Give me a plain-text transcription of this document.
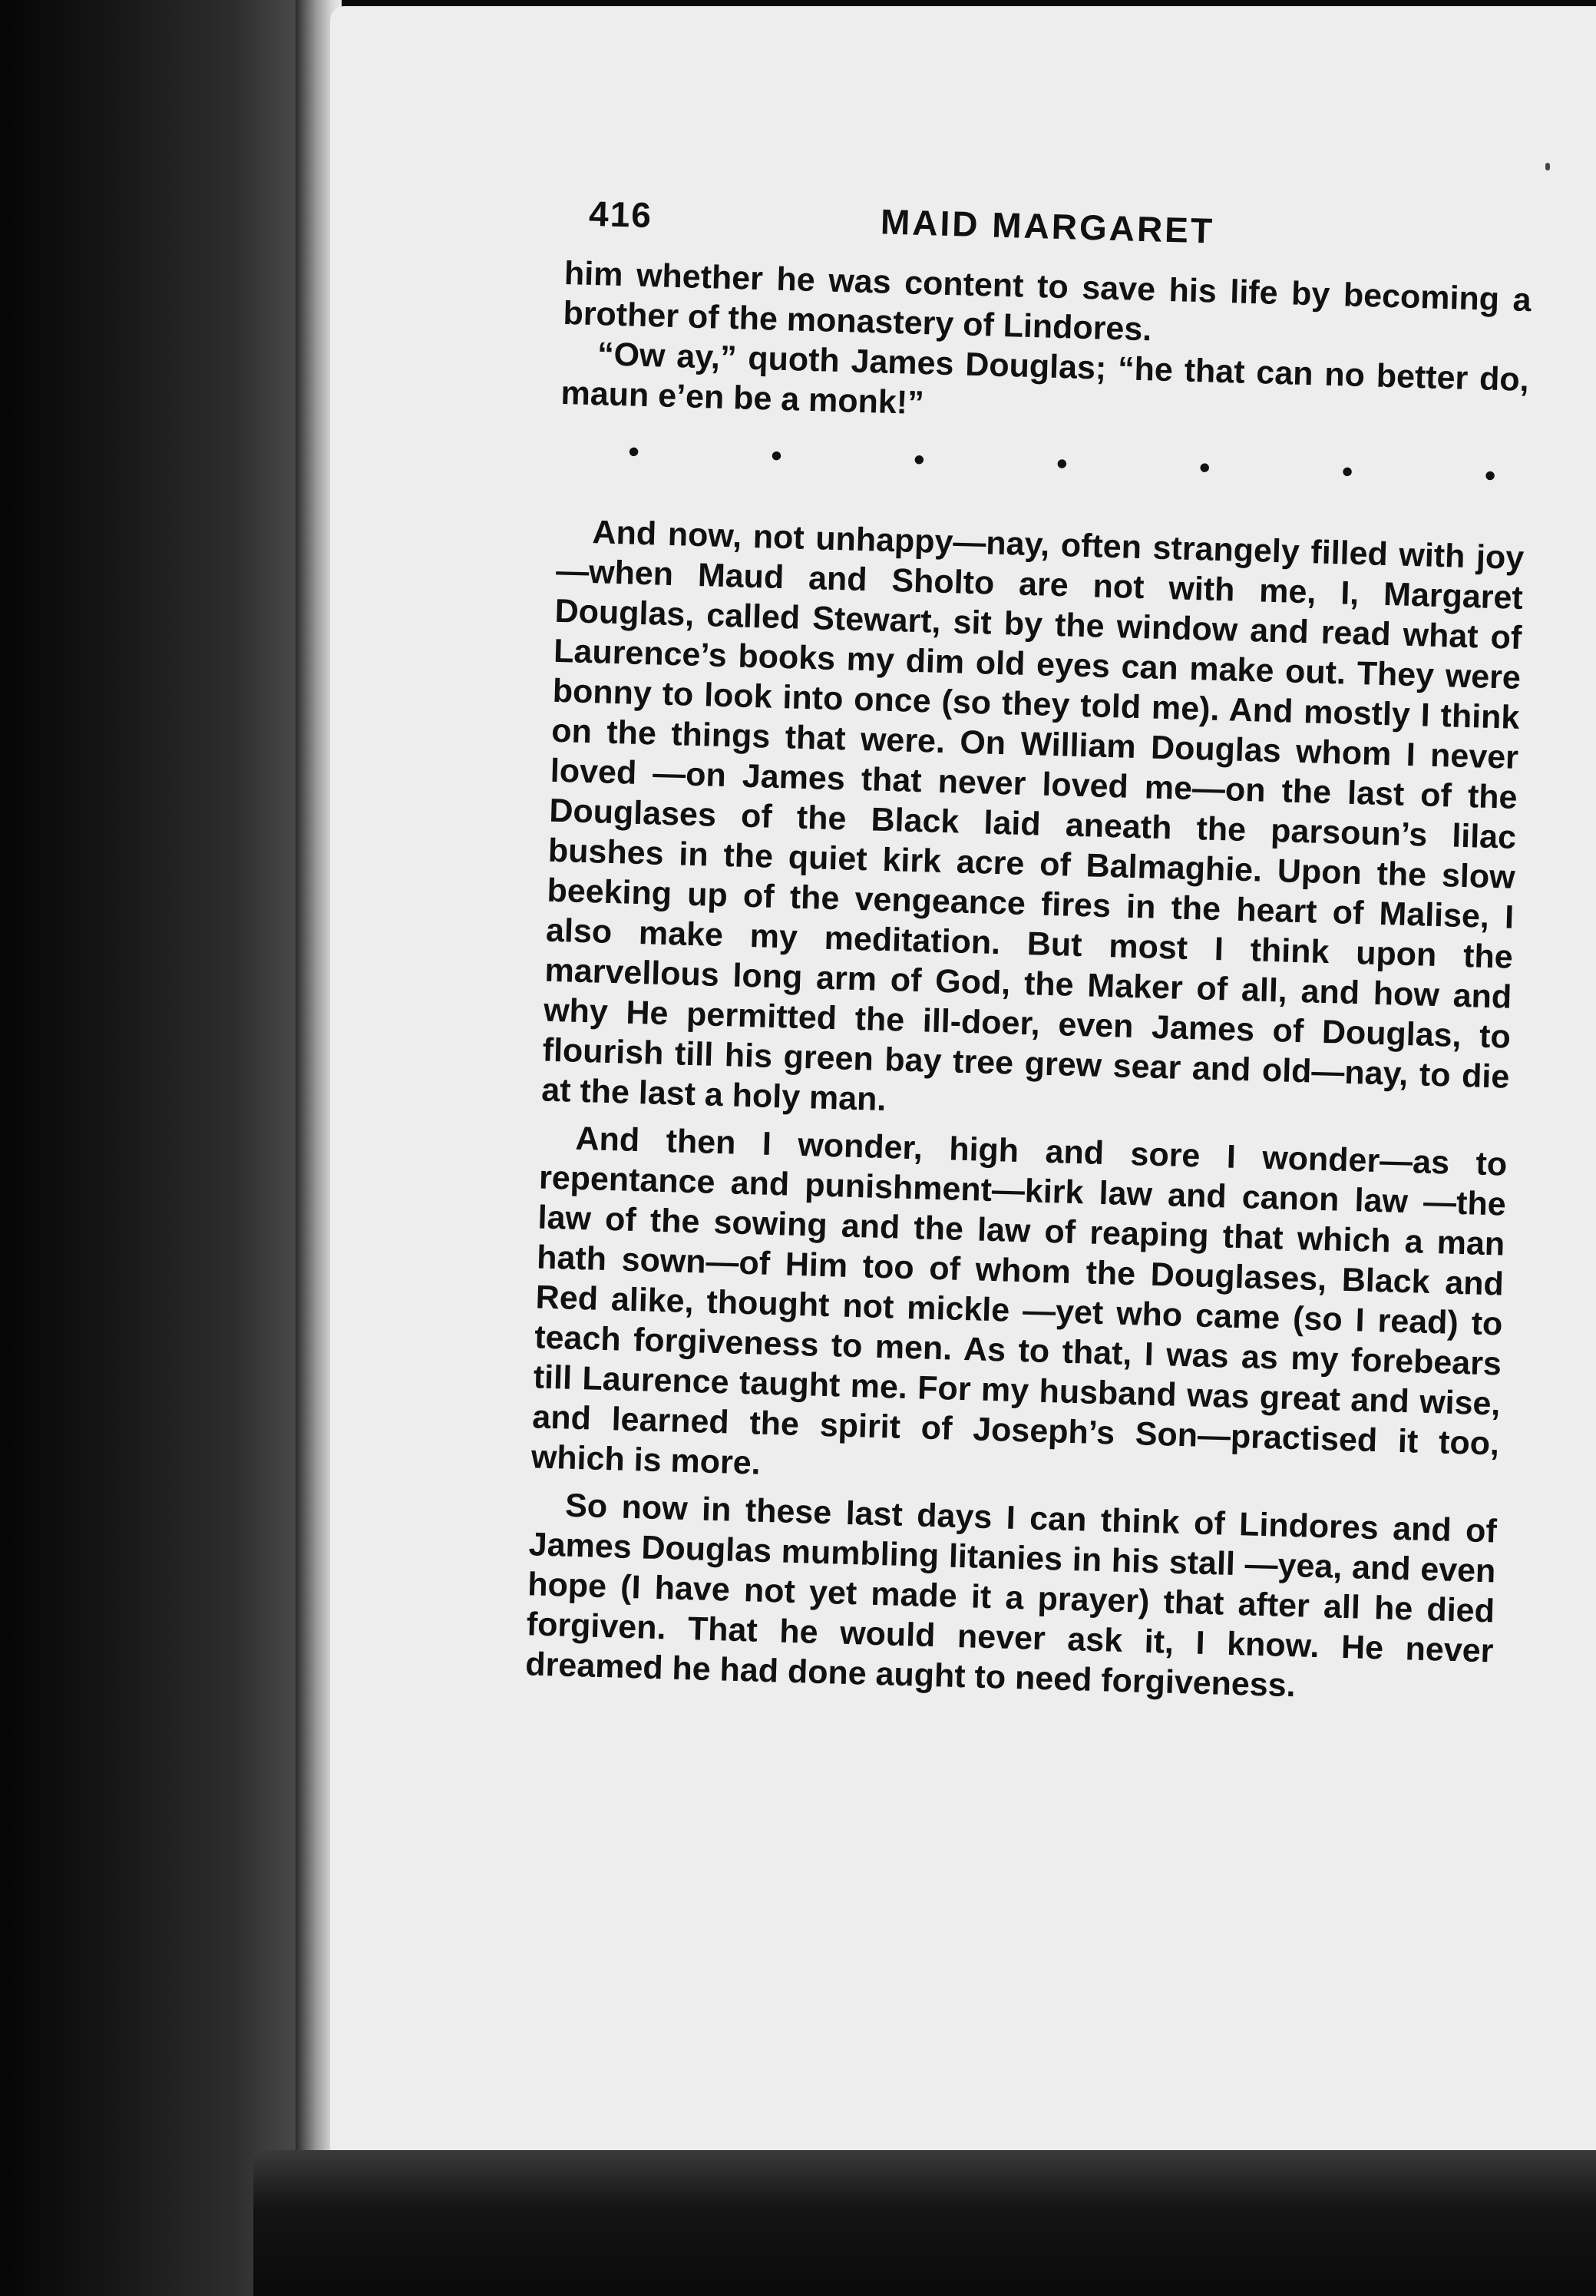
416	MAID MARGARET

him whether he was content to save his life by becoming a brother of the monastery of Lindores.

“Ow ay,” quoth James Douglas; “he that can no better do, maun e’en be a monk!”

•	•	•	•	•	•	•

And now, not unhappy—nay, often strangely filled with joy—when Maud and Sholto are not with me, I, Margaret Douglas, called Stewart, sit by the window and read what of Laurence’s books my dim old eyes can make out. They were bonny to look into once (so they told me). And mostly I think on the things that were. On William Douglas whom I never loved —on James that never loved me—on the last of the Douglases of the Black laid aneath the parsoun’s lilac bushes in the quiet kirk acre of Balmaghie. Upon the slow beeking up of the vengeance fires in the heart of Malise, I also make my meditation. But most I think upon the marvellous long arm of God, the Maker of all, and how and why He permitted the ill-doer, even James of Douglas, to flourish till his green bay tree grew sear and old—nay, to die at the last a holy man.

And then I wonder, high and sore I wonder—as to repentance and punishment—kirk law and canon law —the law of the sowing and the law of reaping that which a man hath sown—of Him too of whom the Douglases, Black and Red alike, thought not mickle —yet who came (so I read) to teach forgiveness to men. As to that, I was as my forebears till Laurence taught me. For my husband was great and wise, and learned the spirit of Joseph’s Son—practised it too, which is more.

So now in these last days I can think of Lindores and of James Douglas mumbling litanies in his stall —yea, and even hope (I have not yet made it a prayer) that after all he died forgiven. That he would never ask it, I know. He never dreamed he had done aught to need forgiveness.
